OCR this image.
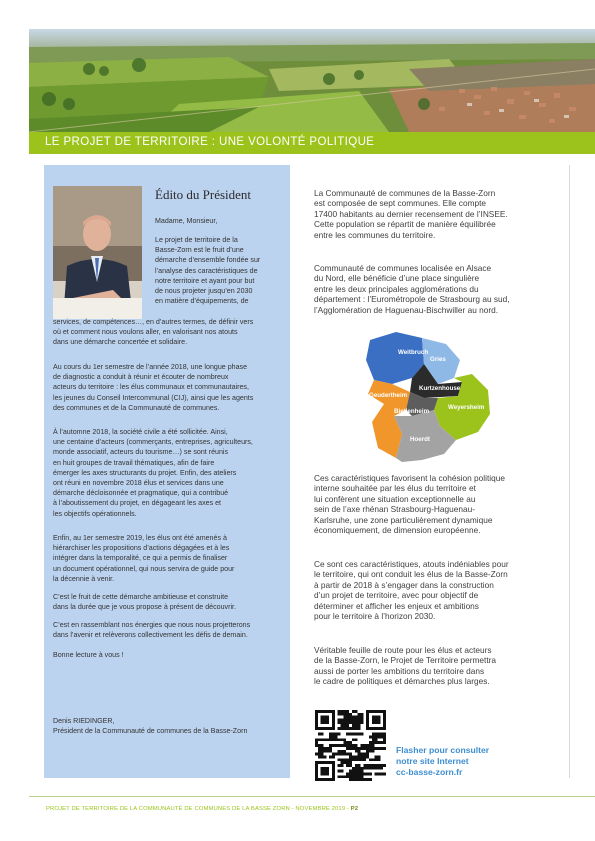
LE PROJET DE TERRITOIRE : UNE VOLONTÉ POLITIQUE
Édito du Président
Madame, Monsieur,

Le projet de territoire de la

Basse-Zorn est le fruit d’une

démarche d’ensemble fondée sur

l’analyse des caractéristiques de

notre territoire et ayant pour but

de nous projeter jusqu’en 2030

en matière d’équipements, de

services, de compétences…, en d’autres termes, de définir vers

où et comment nous voulons aller, en valorisant nos atouts

dans une démarche concertée et solidaire.

Au cours du 1er semestre de l’année 2018, une longue phase

de diagnostic a conduit à réunir et écouter de nombreux

acteurs du territoire : les élus communaux et communautaires,

les jeunes du Conseil Intercommunal (CIJ), ainsi que les agents

des communes et de la Communauté de communes.

À l’automne 2018, la société civile a été sollicitée. Ainsi,

une centaine d’acteurs (commerçants, entreprises, agriculteurs,

monde associatif, acteurs du tourisme…) se sont réunis

en huit groupes de travail thématiques, afin de faire

émerger les axes structurants du projet. Enfin, des ateliers

ont réuni en novembre 2018 élus et services dans une

démarche décloisonnée et pragmatique, qui a contribué

à l’aboutissement du projet, en dégageant les axes et

les objectifs opérationnels.

Enfin, au 1er semestre 2019, les élus ont été amenés à

hiérarchiser les propositions d’actions dégagées et à les

intégrer dans la temporalité, ce qui a permis de finaliser

un document opérationnel, qui nous servira de guide pour

la décennie à venir.

C’est le fruit de cette démarche ambitieuse et construite

dans la durée que je vous propose à présent de découvrir.

C’est en rassemblant nos énergies que nous nous projetterons

dans l’avenir et relèverons collectivement les défis de demain.

Bonne lecture à vous !

Denis RIEDINGER,

Président de la Communauté de communes de la Basse-Zorn

La Communauté de communes de la Basse-Zorn

est composée de sept communes. Elle compte

17400 habitants au dernier recensement de l’INSEE.

Cette population se répartit de manière équilibrée

entre les communes du territoire.

Communauté de communes localisée en Alsace

du Nord, elle bénéficie d’une place singulière

entre les deux principales agglomérations du

département : l’Eurométropole de Strasbourg au sud,

l’Agglomération de Haguenau-Bischwiller au nord.

Weitbruch
Gries
Kurtzenhouse
Geudertheim
Bietlenheim
Weyersheim
Hoerdt

Ces caractéristiques favorisent la cohésion politique

interne souhaitée par les élus du territoire et

lui confèrent une situation exceptionnelle au

sein de l’axe rhénan Strasbourg-Haguenau-

Karlsruhe, une zone particulièrement dynamique

économiquement, de dimension européenne.

Ce sont ces caractéristiques, atouts indéniables pour

le territoire, qui ont conduit les élus de la Basse-Zorn

à partir de 2018 à s’engager dans la construction

d’un projet de territoire, avec pour objectif de

déterminer et afficher les enjeux et ambitions

pour le territoire à l’horizon 2030.

Véritable feuille de route pour les élus et acteurs

de la Basse-Zorn, le Projet de Territoire permettra

aussi de porter les ambitions du territoire dans

le cadre de politiques et démarches plus larges.

Flasher pour consulter
notre site Internet
cc-basse-zorn.fr
PROJET DE TERRITOIRE DE LA COMMUNAUTÉ DE COMMUNES DE LA BASSE ZORN - NOVEMBRE 2019 - P2
